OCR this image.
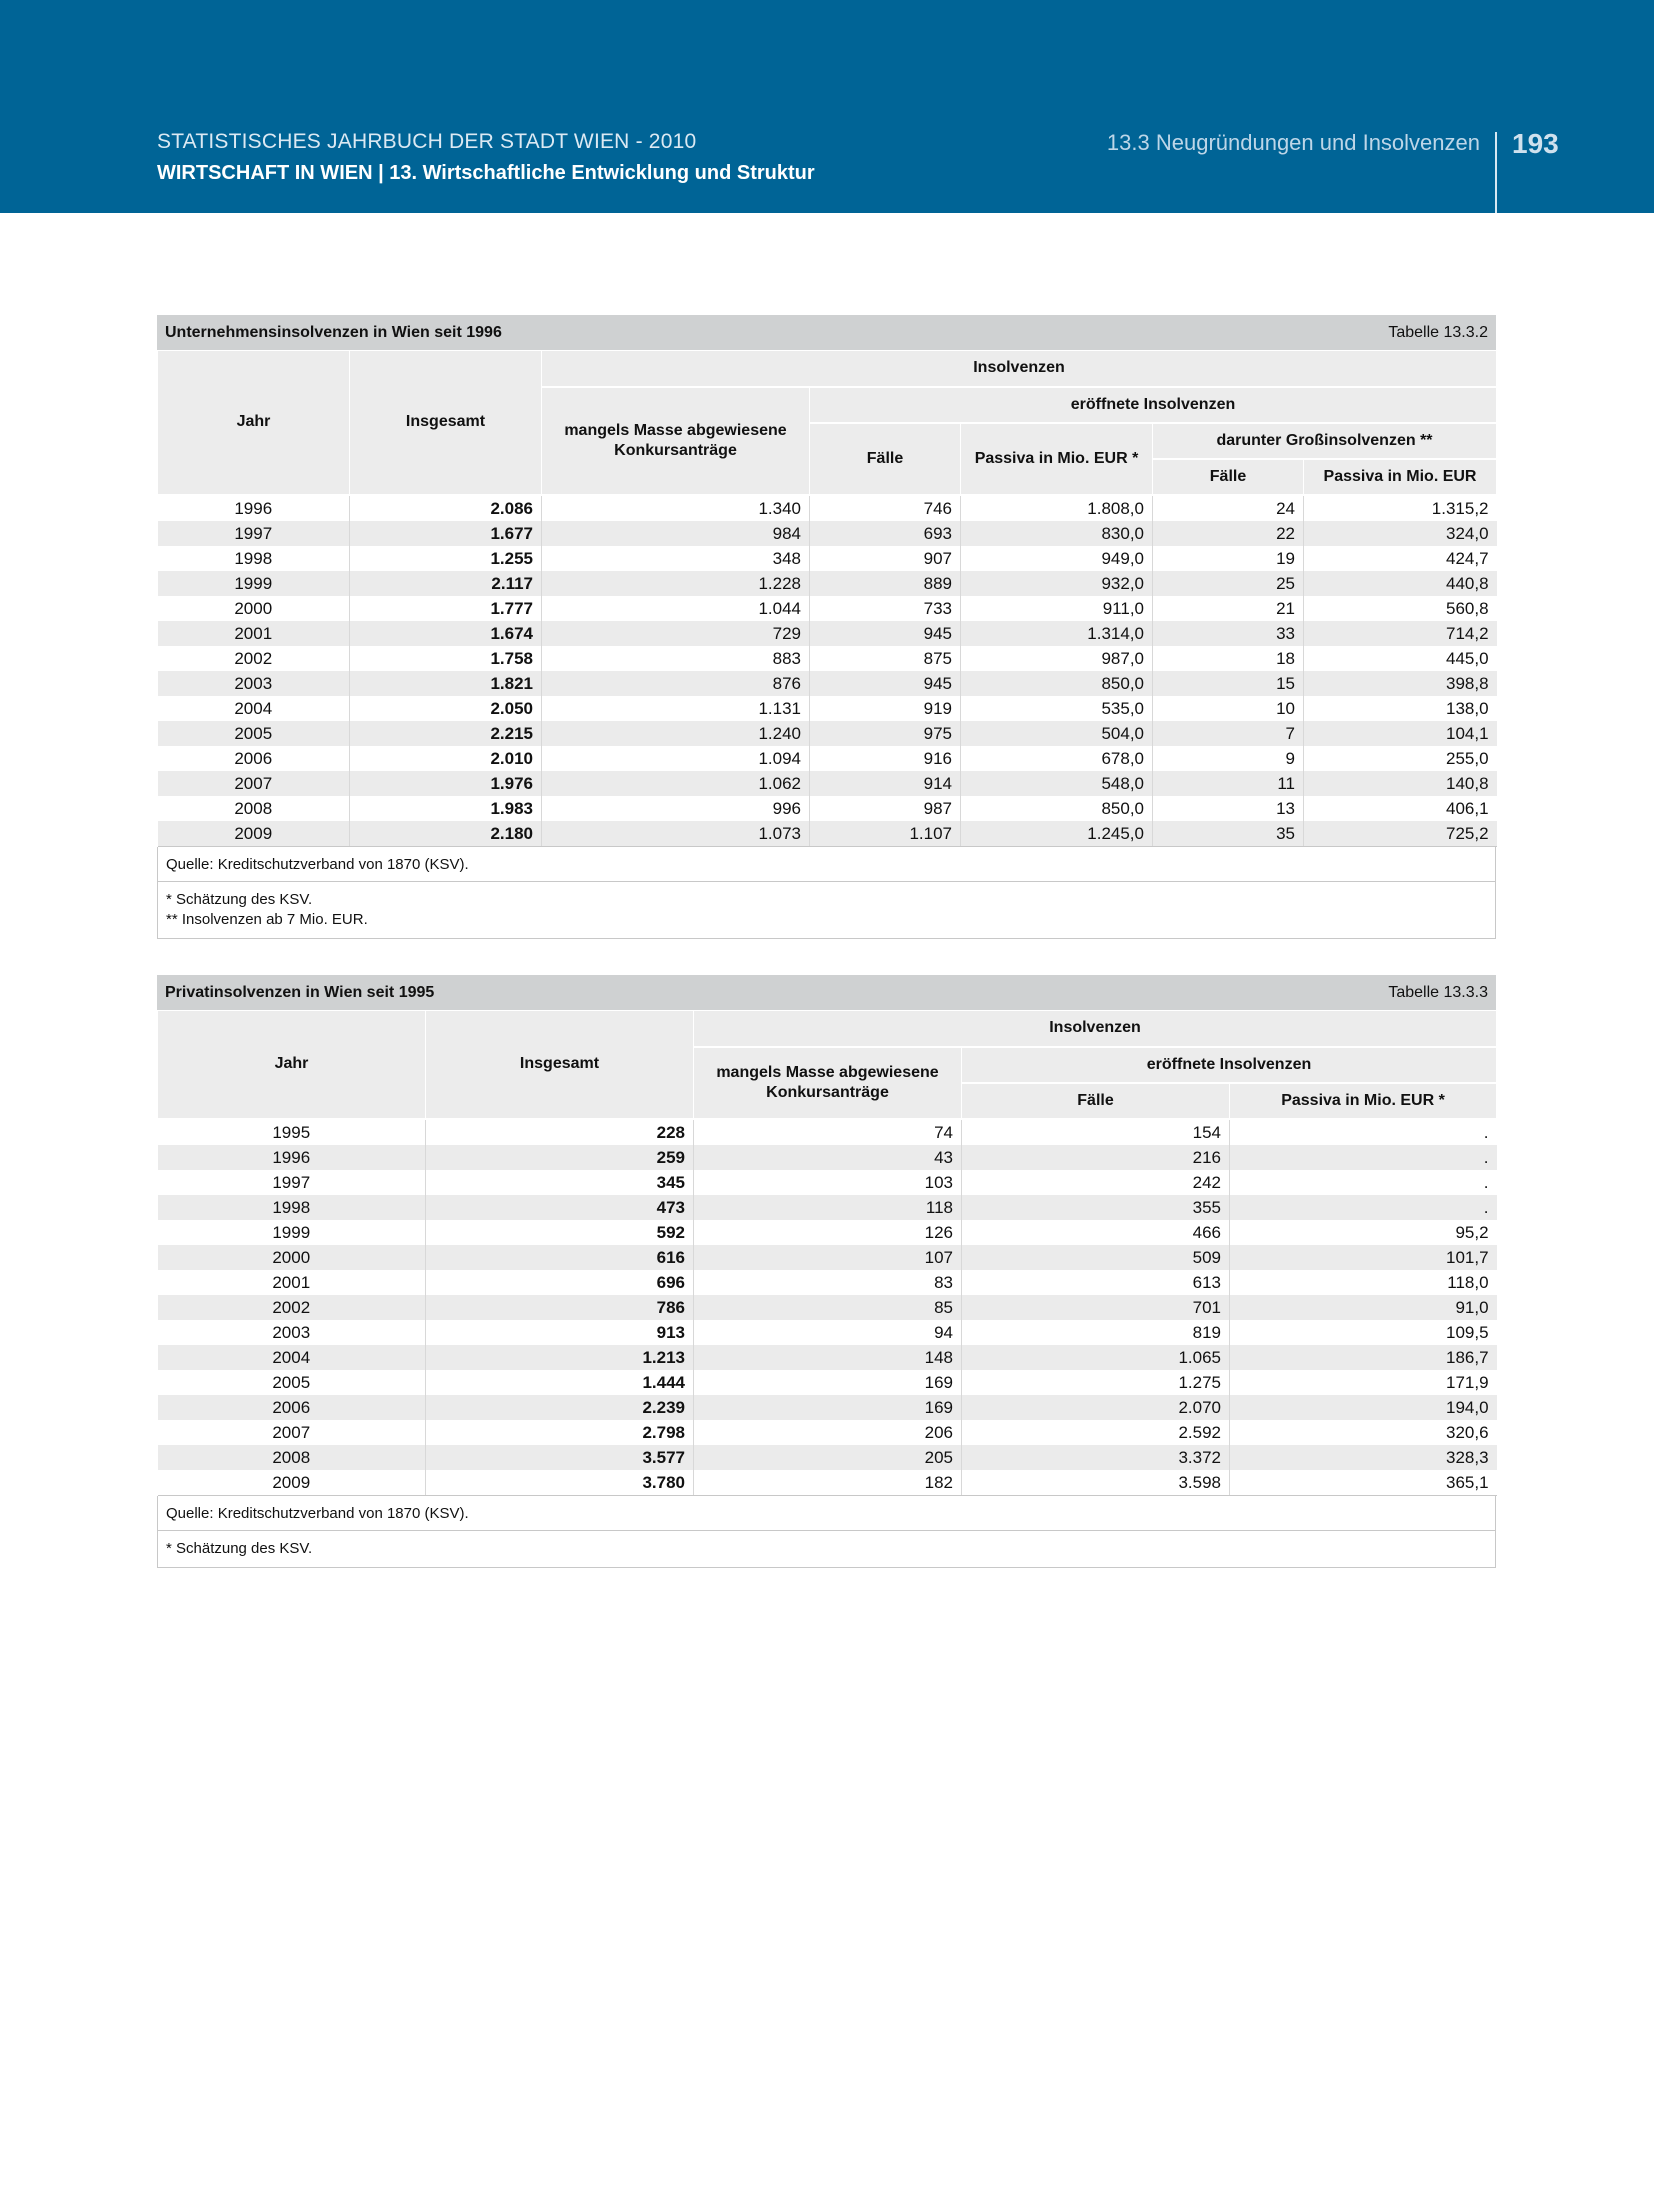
STATISTISCHES JAHRBUCH DER STADT WIEN - 2010
WIRTSCHAFT IN WIEN | 13. Wirtschaftliche Entwicklung und Struktur
13.3 Neugründungen und Insolvenzen 193
Unternehmensinsolvenzen in Wien seit 1996	Tabelle 13.3.2
Jahr	Insgesamt	Insolvenzen				
		mangels Masse abgewiesene Konkursanträge	eröffnete Insolvenzen			
			Fälle	Passiva in Mio. EUR *	darunter Großinsolvenzen **	
					Fälle	Passiva in Mio. EUR
1996	2.086	1.340	746	1.808,0	24	1.315,2
1997	1.677	984	693	830,0	22	324,0
1998	1.255	348	907	949,0	19	424,7
1999	2.117	1.228	889	932,0	25	440,8
2000	1.777	1.044	733	911,0	21	560,8
2001	1.674	729	945	1.314,0	33	714,2
2002	1.758	883	875	987,0	18	445,0
2003	1.821	876	945	850,0	15	398,8
2004	2.050	1.131	919	535,0	10	138,0
2005	2.215	1.240	975	504,0	7	104,1
2006	2.010	1.094	916	678,0	9	255,0
2007	1.976	1.062	914	548,0	11	140,8
2008	1.983	996	987	850,0	13	406,1
2009	2.180	1.073	1.107	1.245,0	35	725,2
Quelle: Kreditschutzverband von 1870 (KSV).
* Schätzung des KSV.
** Insolvenzen ab 7 Mio. EUR.
Privatinsolvenzen in Wien seit 1995	Tabelle 13.3.3
Jahr	Insgesamt	Insolvenzen		
		mangels Masse abgewiesene Konkursanträge	eröffnete Insolvenzen	
			Fälle	Passiva in Mio. EUR *
1995	228	74	154	.
1996	259	43	216	.
1997	345	103	242	.
1998	473	118	355	.
1999	592	126	466	95,2
2000	616	107	509	101,7
2001	696	83	613	118,0
2002	786	85	701	91,0
2003	913	94	819	109,5
2004	1.213	148	1.065	186,7
2005	1.444	169	1.275	171,9
2006	2.239	169	2.070	194,0
2007	2.798	206	2.592	320,6
2008	3.577	205	3.372	328,3
2009	3.780	182	3.598	365,1
Quelle: Kreditschutzverband von 1870 (KSV).
* Schätzung des KSV.
